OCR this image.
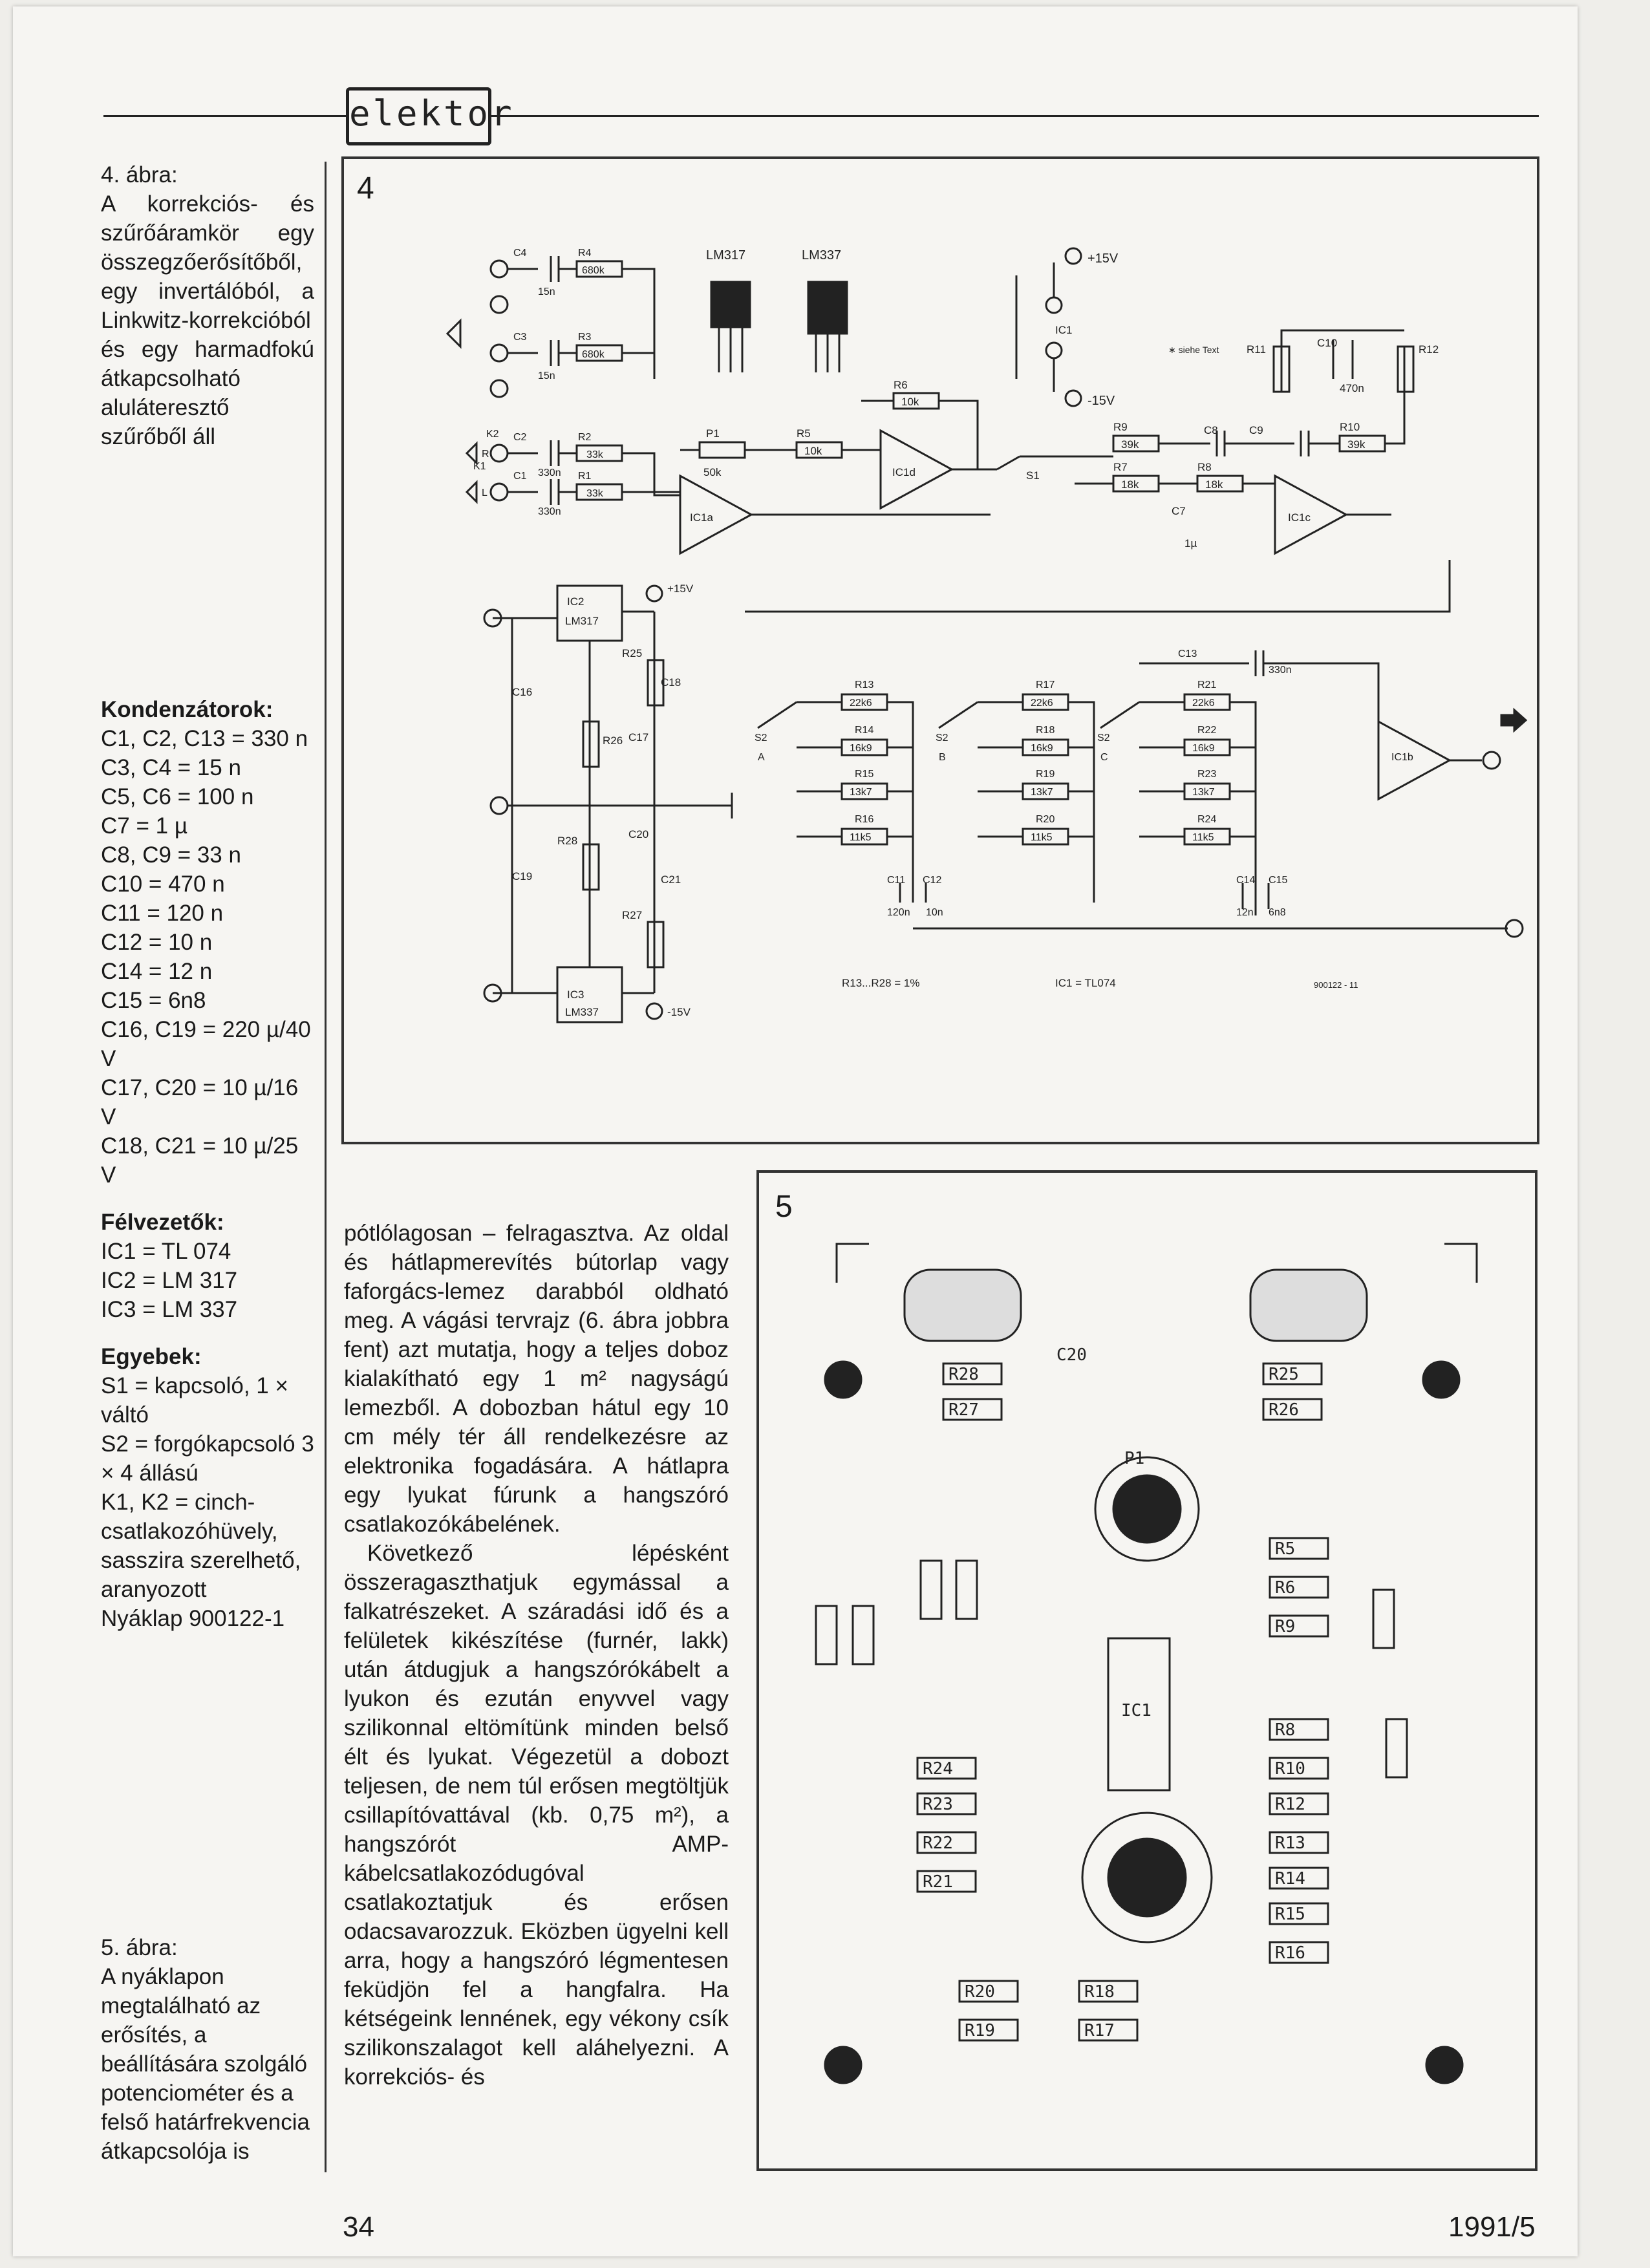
elektor

4. ábra:

A korrekciós- és szűrőáramkör egy összegzőerősítőből, egy invertálóból, a Linkwitz-korrekcióból és egy harmadfokú átkapcsolható aluláteresztő szűrőből áll

Kondenzátorok:

C1, C2, C13 = 330 n

C3, C4 = 15 n

C5, C6 = 100 n

C7 = 1 µ

C8, C9 = 33 n

C10 = 470 n

C11 = 120 n

C12 = 10 n

C14 = 12 n

C15 = 6n8

C16, C19 = 220 µ/40 V

C17, C20 = 10 µ/16 V

C18, C21 = 10 µ/25 V

Félvezetők:

IC1 = TL 074

IC2 = LM 317

IC3 = LM 337

Egyebek:

S1 = kapcsoló, 1 × váltó

S2 = forgókapcsoló 3 × 4 állású

K1, K2 = cinch-csatlakozóhüvely, sasszira szerelhető, aranyozott

Nyáklap 900122-1

5. ábra:

A nyáklapon megtalálható az erősítés, a beállítására szolgáló potenciométer és a felső határfrekvencia átkapcsolója is

4
C4	R4
680k
C3	R3
680k
C2	R2
33k
C1	R1
33k
15n
15n
330n
330n
K2
K1
R
L
IC1a
LM317	LM337
P1
50k
R5
10k
R6
10k
IC1d	S1
R9
39k
R7
18k
R8
18k
R10
39k
R11	R12
C10
470n
C8	C9
IC1c
C7
1µ
∗ siehe Text
+15V
-15V
IC1
IC2
LM317
IC3
LM337
+15V
-15V
R25
R27
R26
R28
C16
C19
C18
C21
C17
C20
R13
22k6
R14
16k9
R15
13k7
R16
11k5
R17
22k6
R18
16k9
R19
13k7
R20
11k5
R21
22k6
R22
16k9
R23
13k7
R24
11k5
IC1b
C13
330n
C11 C12
120n 10n
C14 C15
12n 6n8
S2
A
S2
B
S2
C
R13...R28 = 1%	IC1 = TL074	900122 - 11

pótlólagosan – felragasztva. Az oldal és hátlapmerevítés bútorlap vagy faforgács-lemez darabból oldható meg. A vágási tervrajz (6. ábra jobbra fent) azt mutatja, hogy a teljes doboz kialakítható egy 1 m² nagyságú lemezből. A dobozban hátul egy 10 cm mély tér áll rendelkezésre az elektronika fogadására. A hátlapra egy lyukat fúrunk a hangszóró csatlakozókábelének.

Következő lépésként összeragaszthatjuk egymással a falkatrészeket. A száradási idő és a felületek kikészítése (furnér, lakk) után átdugjuk a hangszórókábelt a lyukon és ezután enyvvel vagy szilikonnal eltömítünk minden belső élt és lyukat. Végezetül a dobozt teljesen, de nem túl erősen megtöltjük csillapítóvattával (kb. 0,75 m²), a hangszórót AMP-kábelcsatlakozódugóval csatlakoztatjuk és erősen odacsavarozzuk. Eközben ügyelni kell arra, hogy a hangszóró légmentesen feküdjön fel a hangfalra. Ha kétségeink lennének, egy vékony csík szilikonszalagot kell aláhelyezni. A korrekciós- és

5
R28
R27
R25
R26
R5
R6
R9
R8
R10
R12
R13
R14
R15
R16
R24
R23
R22
R21
R20
R19
R18
R17
P1
IC1
C20
34	1991/5
